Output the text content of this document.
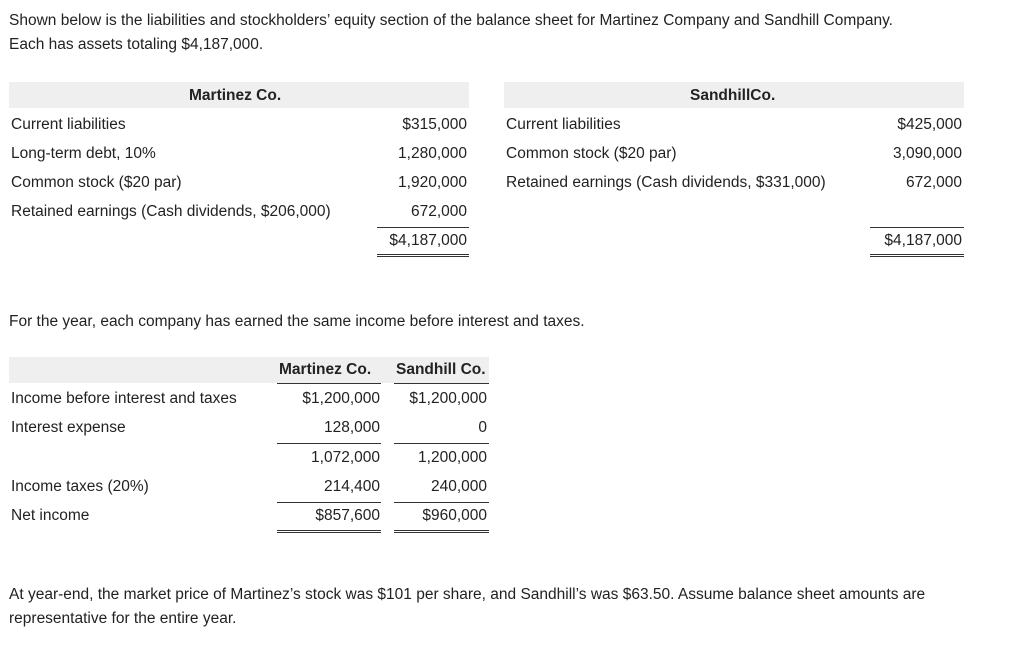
Shown below is the liabilities and stockholders’ equity section of the balance sheet for Martinez Company and Sandhill Company.
Each has assets totaling $4,187,000.
Martinez Co.	SandhillCo.
Current liabilities	$315,000
Long-term debt, 10%	1,280,000
Common stock ($20 par)	1,920,000
Retained earnings (Cash dividends, $206,000)	672,000
$4,187,000
Current liabilities	$425,000
Common stock ($20 par)	3,090,000
Retained earnings (Cash dividends, $331,000)	672,000
$4,187,000
For the year, each company has earned the same income before interest and taxes.
Martinez Co. Sandhill Co.
Income before interest and taxes	$1,200,000	$1,200,000
Interest expense	128,000	0
1,072,000	1,200,000
Income taxes (20%)	214,400	240,000
Net income	$857,600	$960,000
At year-end, the market price of Martinez’s stock was $101 per share, and Sandhill’s was $63.50. Assume balance sheet amounts are
representative for the entire year.
